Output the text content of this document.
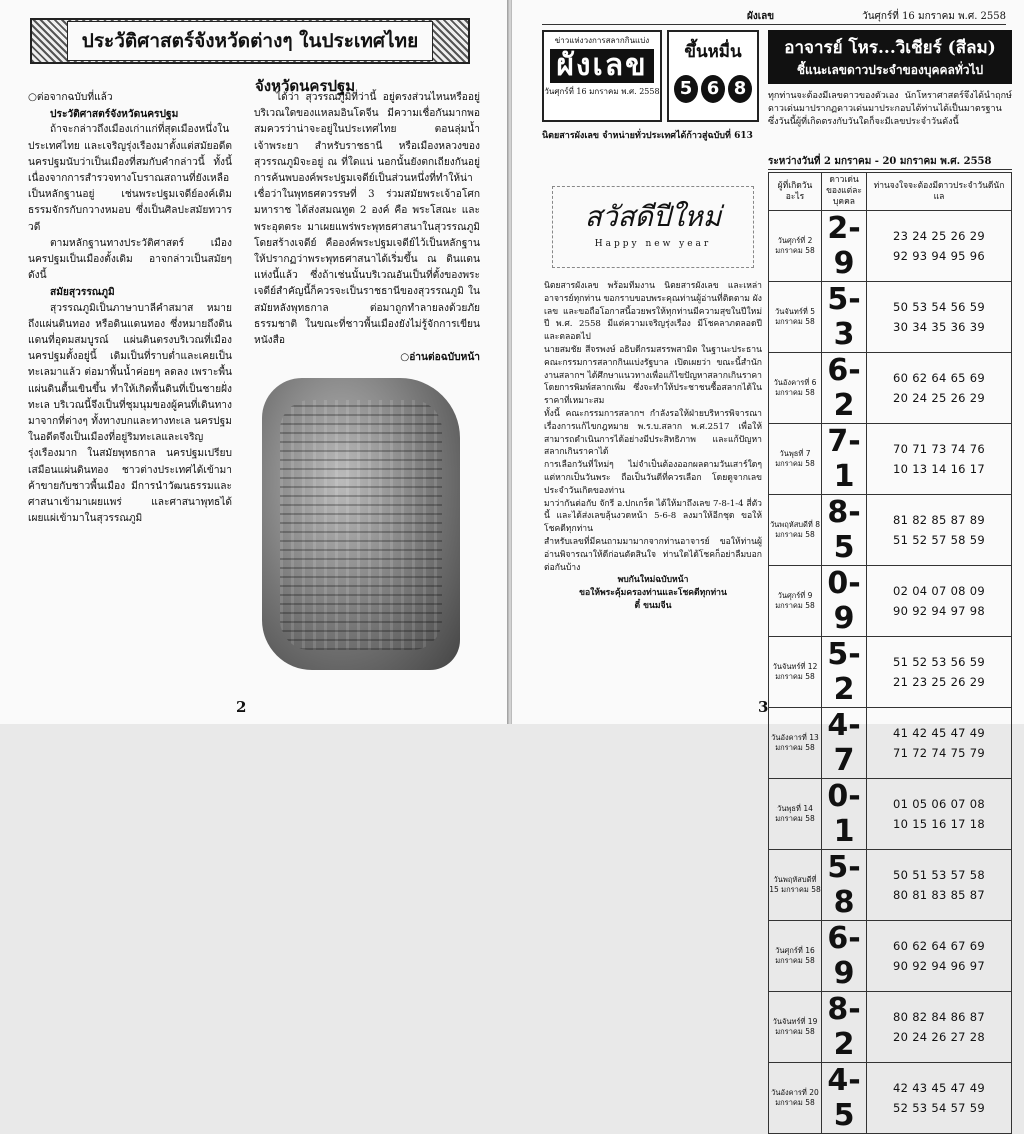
ประวัติศาสตร์จังหวัดต่างๆ ในประเทศไทย
จังหวัดนครปฐม

○ต่อจากฉบับที่แล้ว

ประวัติศาสตร์จังหวัดนครปฐม

ถ้าจะกล่าวถึงเมืองเก่าแก่ที่สุดเมืองหนึ่งในประเทศไทย และเจริญรุ่งเรืองมาตั้งแต่สมัยอดีต นครปฐมนับว่าเป็นเมืองที่สมกับคำกล่าวนี้ ทั้งนี้เนื่องจากการสำรวจทางโบราณสถานที่ยังเหลือเป็นหลักฐานอยู่ เช่นพระปฐมเจดีย์องค์เดิม ธรรมจักรกับกวางหมอบ ซึ่งเป็นศิลปะสมัยทวารวดี

ตามหลักฐานทางประวัติศาสตร์ เมืองนครปฐมเป็นเมืองตั้งเดิม อาจกล่าวเป็นสมัยๆ ดังนี้

สมัยสุวรรณภูมิ

สุวรรณภูมิเป็นภาษาบาลีคำสมาส หมายถึงแผ่นดินทอง หรือดินแดนทอง ซึ่งหมายถึงดินแดนที่อุดมสมบูรณ์ แผ่นดินตรงบริเวณที่เมืองนครปฐมตั้งอยู่นี้ เดิมเป็นที่ราบต่ำและเคยเป็นทะเลมาแล้ว ต่อมาพื้นน้ำค่อยๆ ลดลง เพราะพื้นแผ่นดินตื้นเขินขึ้น ทำให้เกิดพื้นดินที่เป็นชายฝั่งทะเล บริเวณนี้จึงเป็นที่ชุมนุมของผู้คนที่เดินทางมาจากที่ต่างๆ ทั้งทางบกและทางทะเล นครปฐมในอดีตจึงเป็นเมืองที่อยู่ริมทะเลและเจริญรุ่งเรืองมาก ในสมัยพุทธกาล นครปฐมเปรียบเสมือนแผ่นดินทอง ชาวต่างประเทศได้เข้ามาค้าขายกับชาวพื้นเมือง มีการนำวัฒนธรรมและศาสนาเข้ามาเผยแพร่ และศาสนาพุทธได้เผยแผ่เข้ามาในสุวรรณภูมิ

ได้ว่า สุวรรณภูมิที่ว่านี้ อยู่ตรงส่วนไหนหรืออยู่บริเวณใดของแหลมอินโดจีน มีความเชื่อกันมากพอสมควรว่าน่าจะอยู่ในประเทศไทย ตอนลุ่มน้ำเจ้าพระยา สำหรับราชธานี หรือเมืองหลวงของสุวรรณภูมิจะอยู่ ณ ที่ใดแน่ นอกนั้นยังตกเถียงกันอยู่ การค้นพบองค์พระปฐมเจดีย์เป็นส่วนหนึ่งที่ทำให้น่าเชื่อว่าในพุทธศตวรรษที่ 3 ร่วมสมัยพระเจ้าอโศกมหาราช ได้ส่งสมณทูต 2 องค์ คือ พระโสณะ และพระอุตตระ มาเผยแพร่พระพุทธศาสนาในสุวรรณภูมิ โดยสร้างเจดีย์ คือองค์พระปฐมเจดีย์ไว้เป็นหลักฐานให้ปรากฏว่าพระพุทธศาสนาได้เริ่มขึ้น ณ ดินแดนแห่งนี้แล้ว ซึ่งถ้าเช่นนั้นบริเวณอันเป็นที่ตั้งของพระเจดีย์สำคัญนี้ก็ควรจะเป็นราชธานีของสุวรรณภูมิ ในสมัยหลังพุทธกาล ต่อมาถูกทำลายลงด้วยภัยธรรมชาติ ในขณะที่ชาวพื้นเมืองยังไม่รู้จักการเขียนหนังสือ

○อ่านต่อฉบับหน้า

2
ผังเลข	วันศุกร์ที่ 16 มกราคม พ.ศ. 2558
ข่าวแห่งวงการสลากกินแบ่ง
ผังเลข
วันศุกร์ที่ 16 มกราคม พ.ศ. 2558
ขึ้นหมื่น
5 6 8
นิตยสารผังเลข จำหน่ายทั่วประเทศได้ก้าวสู่ฉบับที่ 613
สวัสดีปีใหม่
Happy new year

นิตยสารผังเลข พร้อมทีมงาน นิตยสารผังเลข และเหล่าอาจารย์ทุกท่าน ขอกราบขอบพระคุณท่านผู้อ่านที่ติดตาม ผังเลข และขอถือโอกาสนี้อวยพรให้ทุกท่านมีความสุขในปีใหม่ ปี พ.ศ. 2558 มีแต่ความเจริญรุ่งเรือง มีโชคลาภตลอดปีและตลอดไป

นายสมชัย สีจรพงษ์ อธิบดีกรมสรรพสามิต ในฐานะประธานคณะกรรมการสลากกินแบ่งรัฐบาล เปิดเผยว่า ขณะนี้สำนักงานสลากฯ ได้ศึกษาแนวทางเพื่อแก้ไขปัญหาสลากเกินราคา โดยการพิมพ์สลากเพิ่ม ซึ่งจะทำให้ประชาชนซื้อสลากได้ในราคาที่เหมาะสม

ทั้งนี้ คณะกรรมการสลากฯ กำลังรอให้ฝ่ายบริหารพิจารณาเรื่องการแก้ไขกฎหมาย พ.ร.บ.สลาก พ.ศ.2517 เพื่อให้สามารถดำเนินการได้อย่างมีประสิทธิภาพ และแก้ปัญหาสลากเกินราคาได้

การเลือกวันที่ใหม่ๆ ไม่จำเป็นต้องออกผลตามวันเสาร์ใดๆ แต่หากเป็นวันพระ ถือเป็นวันดีที่ควรเลือก โดยดูจากเลขประจำวันเกิดของท่าน

มาว่ากันต่อกับ จักรี อ.ปกเกร็ด ได้ให้มาถึงเลข 7-8-1-4 สี่ตัวนี้ และได้ส่งเลขลุ้นงวดหน้า 5-6-8 ลงมาให้อีกชุด ขอให้โชคดีทุกท่าน

สำหรับเลขที่มีคนถามมามากจากท่านอาจารย์ ขอให้ท่านผู้อ่านพิจารณาให้ดีก่อนตัดสินใจ ท่านใดได้โชคก็อย่าลืมบอกต่อกันบ้าง

พบกันใหม่ฉบับหน้า

ขอให้พระคุ้มครองท่านและโชคดีทุกท่าน

ตี๋ ขนมจีน

อาจารย์ โหร...วิเชียร์ (สีลม)
ชี้แนะเลขดาวประจำของบุคคลทั่วไป
ทุกท่านจะต้องมีเลขดาวของตัวเอง นักโหราศาสตร์จึงได้นำฤกษ์ดาวเด่นมาปรากฏดาวเด่นมาประกอบได้ท่านได้เป็นมาตรฐาน ซึ่งวันนี้ผู้ที่เกิดตรงกับวันใดก็จะมีเลขประจำวันดังนี้
ระหว่างวันที่ 2 มกราคม - 20 มกราคม พ.ศ. 2558
ผู้ที่เกิดวันอะไร	ดาวเด่นของแต่ละบุคคล	ท่านจงใจจะต้องมีดาวประจำวันดีนักแล
วันศุกร์ที่ 2 มกราคม 58	2-9	23 24 25 26 29
92 93 94 95 96

วันจันทร์ที่ 5 มกราคม 58	5-3	50 53 54 56 59
30 34 35 36 39

วันอังคารที่ 6 มกราคม 58	6-2	60 62 64 65 69
20 24 25 26 29

วันพุธที่ 7 มกราคม 58	7-1	70 71 73 74 76
10 13 14 16 17

วันพฤหัสบดีที่ 8 มกราคม 58	8-5	81 82 85 87 89
51 52 57 58 59

วันศุกร์ที่ 9 มกราคม 58	0-9	02 04 07 08 09
90 92 94 97 98

วันจันทร์ที่ 12 มกราคม 58	5-2	51 52 53 56 59
21 23 25 26 29

วันอังคารที่ 13 มกราคม 58	4-7	41 42 45 47 49
71 72 74 75 79

วันพุธที่ 14 มกราคม 58	0-1	01 05 06 07 08
10 15 16 17 18

วันพฤหัสบดีที่ 15 มกราคม 58	5-8	50 51 53 57 58
80 81 83 85 87

วันศุกร์ที่ 16 มกราคม 58	6-9	60 62 64 67 69
90 92 94 96 97

วันจันทร์ที่ 19 มกราคม 58	8-2	80 82 84 86 87
20 24 26 27 28

วันอังคารที่ 20 มกราคม 58	4-5	42 43 45 47 49
52 53 54 57 59
3
